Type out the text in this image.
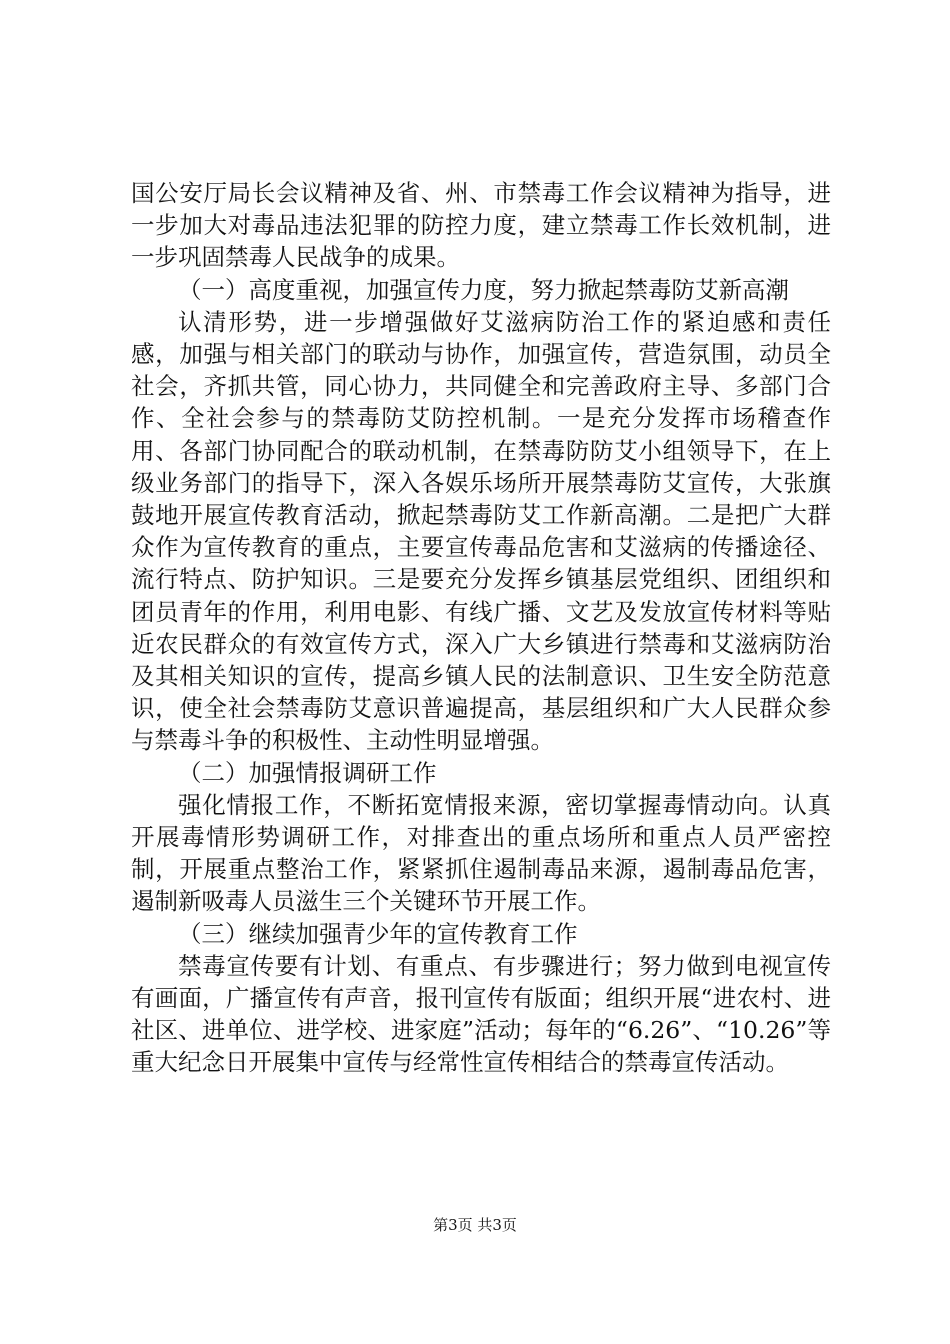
国公安厅局长会议精神及省、州、市禁毒工作会议精神为指导，进一步加大对毒品违法犯罪的防控力度，建立禁毒工作长效机制，进一步巩固禁毒人民战争的成果。

（一）高度重视，加强宣传力度，努力掀起禁毒防艾新高潮

认清形势，进一步增强做好艾滋病防治工作的紧迫感和责任感，加强与相关部门的联动与协作，加强宣传，营造氛围，动员全社会，齐抓共管，同心协力，共同健全和完善政府主导、多部门合作、全社会参与的禁毒防艾防控机制。一是充分发挥市场稽查作用、各部门协同配合的联动机制，在禁毒防防艾小组领导下，在上级业务部门的指导下，深入各娱乐场所开展禁毒防艾宣传，大张旗鼓地开展宣传教育活动，掀起禁毒防艾工作新高潮。二是把广大群众作为宣传教育的重点，主要宣传毒品危害和艾滋病的传播途径、流行特点、防护知识。三是要充分发挥乡镇基层党组织、团组织和团员青年的作用，利用电影、有线广播、文艺及发放宣传材料等贴近农民群众的有效宣传方式，深入广大乡镇进行禁毒和艾滋病防治及其相关知识的宣传，提高乡镇人民的法制意识、卫生安全防范意识，使全社会禁毒防艾意识普遍提高，基层组织和广大人民群众参与禁毒斗争的积极性、主动性明显增强。

（二）加强情报调研工作

强化情报工作，不断拓宽情报来源，密切掌握毒情动向。认真开展毒情形势调研工作，对排查出的重点场所和重点人员严密控制，开展重点整治工作，紧紧抓住遏制毒品来源，遏制毒品危害，遏制新吸毒人员滋生三个关键环节开展工作。

（三）继续加强青少年的宣传教育工作

禁毒宣传要有计划、有重点、有步骤进行；努力做到电视宣传有画面，广播宣传有声音，报刊宣传有版面；组织开展“进农村、进社区、进单位、进学校、进家庭”活动；每年的“6.26”、“10.26”等重大纪念日开展集中宣传与经常性宣传相结合的禁毒宣传活动。

第3页 共3页
